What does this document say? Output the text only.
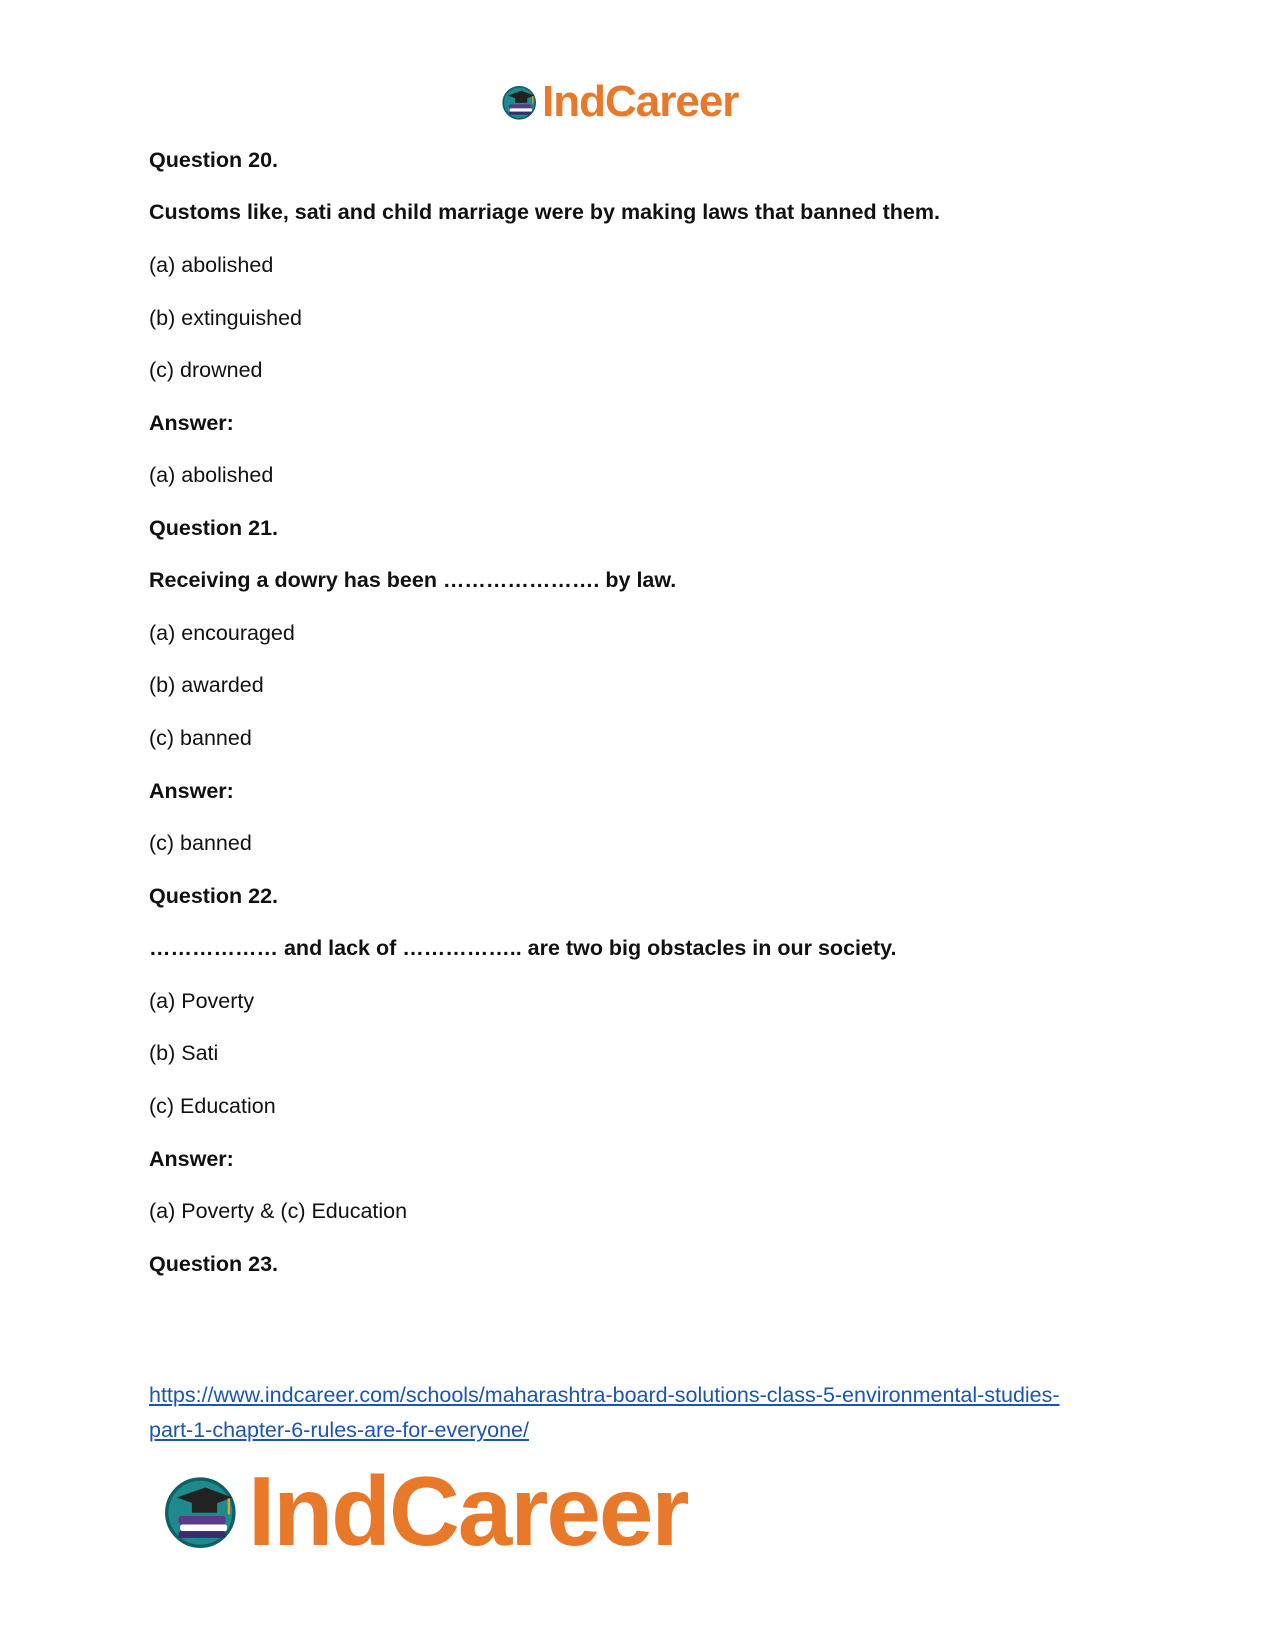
IndCareer
Question 20.
Customs like, sati and child marriage were by making laws that banned them.
(a) abolished
(b) extinguished
(c) drowned
Answer:
(a) abolished
Question 21.
Receiving a dowry has been …………………. by law.
(a) encouraged
(b) awarded
(c) banned
Answer:
(c) banned
Question 22.
……………… and lack of …………….. are two big obstacles in our society.
(a) Poverty
(b) Sati
(c) Education
Answer:
(a) Poverty & (c) Education
Question 23.
https://www.indcareer.com/schools/maharashtra-board-solutions-class-5-environmental-studies-
part-1-chapter-6-rules-are-for-everyone/
IndCareer
